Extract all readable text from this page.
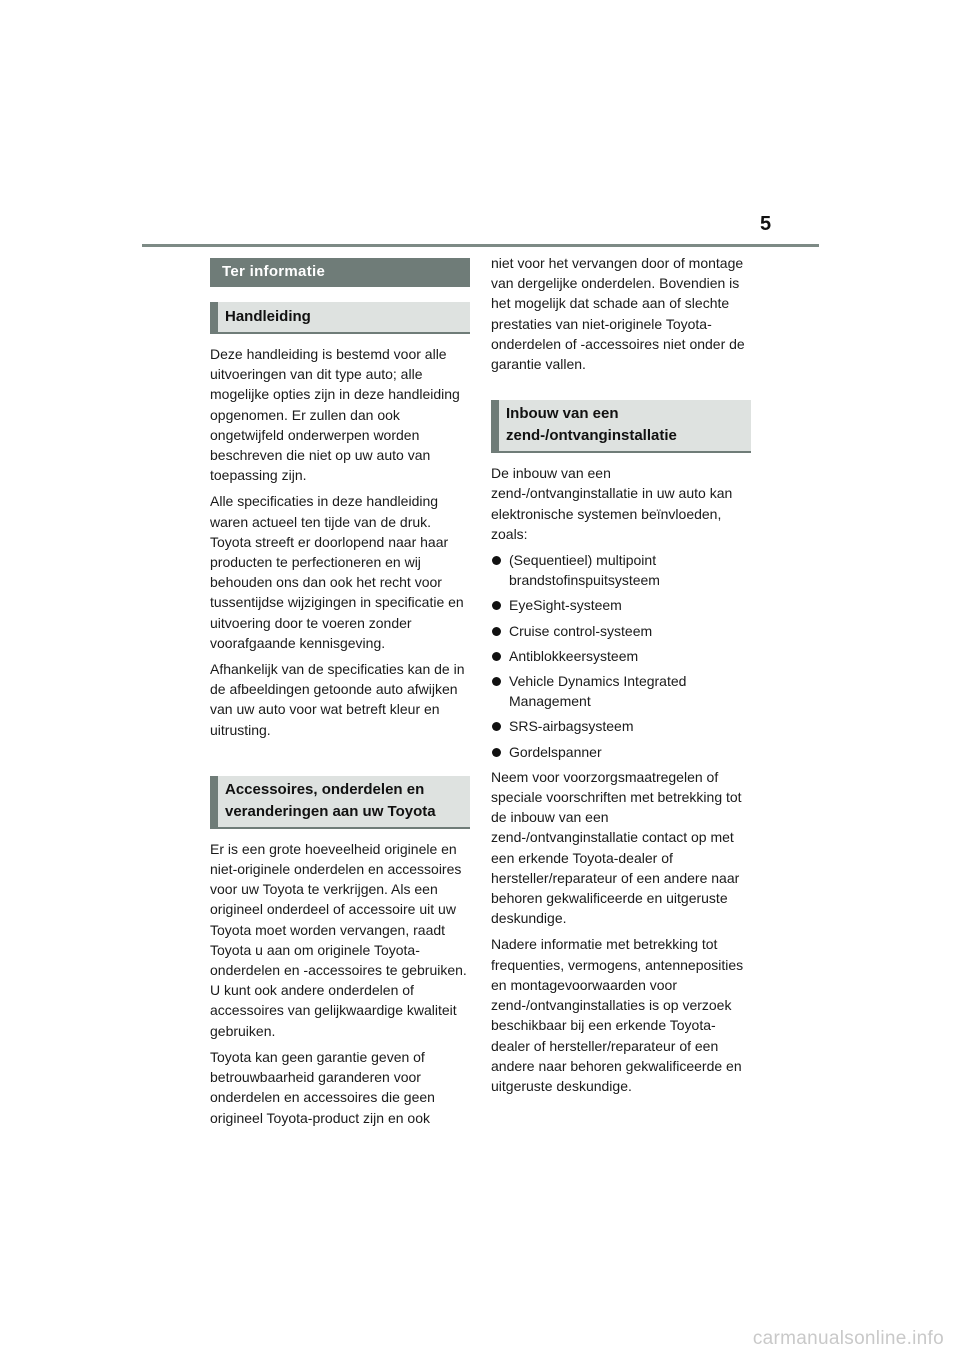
5
Ter informatie
Handleiding

Deze handleiding is bestemd voor alle uitvoeringen van dit type auto; alle mogelijke opties zijn in deze handleiding opgenomen. Er zullen dan ook ongetwijfeld onderwerpen worden beschreven die niet op uw auto van toepassing zijn.

Alle specificaties in deze handleiding waren actueel ten tijde van de druk. Toyota streeft er doorlopend naar haar producten te perfectioneren en wij behouden ons dan ook het recht voor tussentijdse wijzigingen in specificatie en uitvoering door te voeren zonder voorafgaande kennisgeving.

Afhankelijk van de specificaties kan de in de afbeeldingen getoonde auto afwijken van uw auto voor wat betreft kleur en uitrusting.

Accessoires, onderdelen en
veranderingen aan uw Toyota

Er is een grote hoeveelheid originele en niet-originele onderdelen en accessoires voor uw Toyota te verkrijgen. Als een origineel onderdeel of accessoire uit uw Toyota moet worden vervangen, raadt Toyota u aan om originele Toyota-onderdelen en -accessoires te gebruiken. U kunt ook andere onderdelen of accessoires van gelijkwaardige kwaliteit gebruiken.

Toyota kan geen garantie geven of betrouwbaarheid garanderen voor onderdelen en accessoires die geen origineel Toyota-product zijn en ook

niet voor het vervangen door of montage van dergelijke onderdelen. Bovendien is het mogelijk dat schade aan of slechte prestaties van niet-originele Toyota-onderdelen of -accessoires niet onder de garantie vallen.

Inbouw van een
zend-/ontvanginstallatie

De inbouw van een zend-/ontvanginstallatie in uw auto kan elektronische systemen beïnvloeden, zoals:

(Sequentieel) multipoint brandstofinspuitsysteem
EyeSight-systeem
Cruise control-systeem
Antiblokkeersysteem
Vehicle Dynamics Integrated Management
SRS-airbagsysteem
Gordelspanner

Neem voor voorzorgsmaatregelen of speciale voorschriften met betrekking tot de inbouw van een zend-/ontvanginstallatie contact op met een erkende Toyota-dealer of hersteller/reparateur of een andere naar behoren gekwalificeerde en uitgeruste deskundige.

Nadere informatie met betrekking tot frequenties, vermogens, antenneposities en montagevoorwaarden voor zend-/ontvanginstallaties is op verzoek beschikbaar bij een erkende Toyota-dealer of hersteller/reparateur of een andere naar behoren gekwalificeerde en uitgeruste deskundige.

carmanualsonline.info
